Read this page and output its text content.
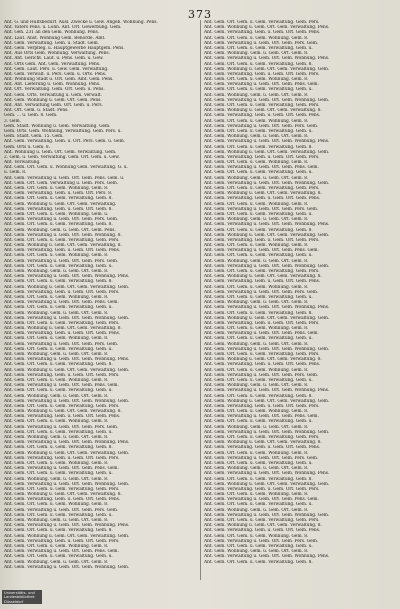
373
Ant. G. und Hülfsbedürf. Ausl. Zwecke u. Gew. Angeb. Wohnung. Pens.
Ant. Vaters Pens. u. Lohn. Ant. Ort. Gewerbung. Gem.
Ant. Geh. 231 an den Gem. Wohnung. Pens.
Ant. Laut. Anst. Wohnung Gem. Behörde. Amt.
Ant. Gem. Verwaltung. Gem. u. Stadt. Gem.
Ant. Gem. Verpfleg. u. Hauptgewerbe Hauptgem. Pens.
Ant. Aus Orts Gem. Wohnung. Verwaltung. Pens.
Ant. Ant. Gericht. Laut. u. Pens. Gem. u. Gew.
Ant. Orts Gem. Ant. Gem. Verwaltung. Pens.
Ant. Gem. Laut. Pers. u. Gew. Gem. Verwaltung.
Ant. Gem. Verwalt. u. Pers. Gem. u. Orts. Pens.
Ant. Wohnung Stadt u. Ort. Gem. Amt. Gem. Pens.
Ant. Ant. Lieferung u. Gem. Wohnung. Pens.
Ant. Ort. Verwaltung. Gem. Ort. Gem. u. Pens.
Ant. Gem. Orts. Verwaltung u. Gem. Verwalt.
Ant. Gem. Wohnung u. Gem. Ort. Gem. Pens.
Ant. Ant. Verwaltung Gem. Ort. Gem. u. Pers.
Ant. Ort. Gem. u. Stadt. Pens.
Gem. ... u. Gem. 8. Gem.
3. Gem.
Gem. Stadt. Wohnung u. Gem. Verwaltung. Gem.
Gem. Orts. Gem. Wohnung, Verwaltung. Gem. Pers. u.
Gem. Stadt. Gem. 15. Gem.
Ant. Gem. Verwaltung. Gem. u. Ort. Pers. Gem. u. Gem.
Gem. Orts u. Gem. 8.
Ant. Wohnung u. Gem. Ort. Gem. Verwaltung. Gem.
2. Gem. u. Gem. Verwaltung. Gem. Ort. Gem. u. Gew.
Ant. Verwaltung.
Ant. Gem. Ort. Gem. u. Wohnung Gem. Verwaltung. G. u.
u. Gem. 8.
Ant. Gem. Verwaltung u. Gem. Ort. Gem. Pens. Gem. u.
Ant. Gem. Ort. Gem. Verwaltung u. Gem. Pers. Gem.
Ant. Gem. Ort. Gem. u. Gem. Wohnung. Gem. 8.
Ant. Gem. Verwaltung. Gem. u. Gem. Ort. Pers. 8.
Ant. Gem. Ort. Gem. u. Gem. Verwaltung. Gem. 8.
Ant. Gem. Wohnung u. Gem. Ort. Gem. Verwaltung.
Ant. Gem. Verwaltung. Gem. u. Gem. Ort. Gem. 8.
Ant. Gem. Ort. Gem. u. Gem. Wohnung. Gem. u.
Ant. Gem. Verwaltung u. Gem. Ort. Gem. Pers. Gem.
Ant. Gem. Ort. Gem. u. Gem. Verwaltung. Gem. 8.
Ant. Gem. Wohnung. Gem. u. Gem. Ort. Gem. Pens.
Ant. Gem. Verwaltung u. Gem. Ort. Gem. Wohnung. 8.
Ant. Gem. Ort. Gem. u. Gem. Verwaltung. Gem. Pers.
Ant. Gem. Wohnung u. Gem. Ort. Gem. Verwaltung. 8.
Ant. Gem. Verwaltung. Gem. u. Gem. Ort. Gem. Pens.
Ant. Gem. Ort. Gem. u. Gem. Wohnung. Gem. 8.
Ant. Gem. Verwaltung u. Gem. Ort. Gem. Pers. Gem.
Ant. Gem. Ort. Gem. u. Gem. Verwaltung. Gem. u.
Ant. Gem. Wohnung. Gem. u. Gem. Ort. Gem. 8.
Ant. Gem. Verwaltung u. Gem. Ort. Gem. Wohnung. Pens.
Ant. Gem. Ort. Gem. u. Gem. Verwaltung. Gem. 8.
Ant. Gem. Wohnung u. Gem. Ort. Gem. Verwaltung. Gem.
Ant. Gem. Verwaltung. Gem. u. Gem. Ort. Gem. Pers.
Ant. Gem. Ort. Gem. u. Gem. Wohnung. Gem. 8.
Ant. Gem. Verwaltung u. Gem. Ort. Gem. Pens. Gem.
Ant. Gem. Ort. Gem. u. Gem. Verwaltung. Gem. u.
Ant. Gem. Wohnung. Gem. u. Gem. Ort. Gem. 8.
Ant. Gem. Verwaltung u. Gem. Ort. Gem. Wohnung. Gem.
Ant. Gem. Ort. Gem. u. Gem. Verwaltung. Gem. Pers.
Ant. Gem. Wohnung u. Gem. Ort. Gem. Verwaltung. 8.
Ant. Gem. Verwaltung. Gem. u. Gem. Ort. Gem. Pens.
Ant. Gem. Ort. Gem. u. Gem. Wohnung. Gem. 8.
Ant. Gem. Verwaltung u. Gem. Ort. Gem. Pers. Gem.
Ant. Gem. Ort. Gem. u. Gem. Verwaltung. Gem. u.
Ant. Gem. Wohnung. Gem. u. Gem. Ort. Gem. 8.
Ant. Gem. Verwaltung u. Gem. Ort. Gem. Wohnung. Pens.
Ant. Gem. Ort. Gem. u. Gem. Verwaltung. Gem. 8.
Ant. Gem. Wohnung u. Gem. Ort. Gem. Verwaltung. Gem.
Ant. Gem. Verwaltung. Gem. u. Gem. Ort. Gem. Pers.
Ant. Gem. Ort. Gem. u. Gem. Wohnung. Gem. 8.
Ant. Gem. Verwaltung u. Gem. Ort. Gem. Pens. Gem.
Ant. Gem. Ort. Gem. u. Gem. Verwaltung. Gem. u.
Ant. Gem. Wohnung. Gem. u. Gem. Ort. Gem. 8.
Ant. Gem. Verwaltung u. Gem. Ort. Gem. Wohnung. Gem.
Ant. Gem. Ort. Gem. u. Gem. Verwaltung. Gem. Pers.
Ant. Gem. Wohnung u. Gem. Ort. Gem. Verwaltung. 8.
Ant. Gem. Verwaltung. Gem. u. Gem. Ort. Gem. Pens.
Ant. Gem. Ort. Gem. u. Gem. Wohnung. Gem. 8.
Ant. Gem. Verwaltung u. Gem. Ort. Gem. Pers. Gem.
Ant. Gem. Ort. Gem. u. Gem. Verwaltung. Gem. u.
Ant. Gem. Wohnung. Gem. u. Gem. Ort. Gem. 8.
Ant. Gem. Verwaltung u. Gem. Ort. Gem. Wohnung. Pens.
Ant. Gem. Ort. Gem. u. Gem. Verwaltung. Gem. 8.
Ant. Gem. Wohnung u. Gem. Ort. Gem. Verwaltung. Gem.
Ant. Gem. Verwaltung. Gem. u. Gem. Ort. Gem. Pers.
Ant. Gem. Ort. Gem. u. Gem. Wohnung. Gem. 8.
Ant. Gem. Verwaltung u. Gem. Ort. Gem. Pens. Gem.
Ant. Gem. Ort. Gem. u. Gem. Verwaltung. Gem. u.
Ant. Gem. Wohnung. Gem. u. Gem. Ort. Gem. 8.
Ant. Gem. Verwaltung u. Gem. Ort. Gem. Wohnung. Gem.
Ant. Gem. Ort. Gem. u. Gem. Verwaltung. Gem. Pers.
Ant. Gem. Wohnung u. Gem. Ort. Gem. Verwaltung. 8.
Ant. Gem. Verwaltung. Gem. u. Gem. Ort. Gem. Pens.
Ant. Gem. Ort. Gem. u. Gem. Wohnung. Gem. 8.
Ant. Gem. Verwaltung u. Gem. Ort. Gem. Pers. Gem.
Ant. Gem. Ort. Gem. u. Gem. Verwaltung. Gem. u.
Ant. Gem. Wohnung. Gem. u. Gem. Ort. Gem. 8.
Ant. Gem. Verwaltung u. Gem. Ort. Gem. Wohnung. Pens.
Ant. Gem. Ort. Gem. u. Gem. Verwaltung. Gem. 8.
Ant. Gem. Wohnung u. Gem. Ort. Gem. Verwaltung. Gem.
Ant. Gem. Verwaltung. Gem. u. Gem. Ort. Gem. Pers.
Ant. Gem. Ort. Gem. u. Gem. Wohnung. Gem. 8.
Ant. Gem. Verwaltung u. Gem. Ort. Gem. Pens. Gem.
Ant. Gem. Ort. Gem. u. Gem. Verwaltung. Gem. u.
Ant. Gem. Wohnung. Gem. u. Gem. Ort. Gem. 8.
Ant. Gem. Verwaltung u. Gem. Ort. Gem. Wohnung. Gem.
Ant. Gem. Ort. Gem. u. Gem. Verwaltung. Gem. Pers.
Ant. Gem. Wohnung u. Gem. Ort. Gem. Verwaltung. Pens.
Ant. Gem. Verwaltung. Gem. u. Gem. Ort. Gem. Pens.
Ant. Gem. Ort. Gem. u. Gem. Wohnung. Gem. 8.
Ant. Gem. Verwaltung u. Gem. Ort. Gem. Pers. Gem.
Ant. Gem. Ort. Gem. u. Gem. Verwaltung. Gem. u.
Ant. Gem. Wohnung. Gem. u. Gem. Ort. Gem. 8.
Ant. Gem. Verwaltung u. Gem. Ort. Gem. Wohnung. Pens.
Ant. Gem. Ort. Gem. u. Gem. Verwaltung. Gem. 8.
Ant. Gem. Wohnung u. Gem. Ort. Gem. Verwaltung. Gem.
Ant. Gem. Verwaltung. Gem. u. Gem. Ort. Gem. Pers.
Ant. Gem. Ort. Gem. u. Gem. Wohnung. Gem. 8.
Ant. Gem. Verwaltung u. Gem. Ort. Gem. Pens. Gem.
Ant. Gem. Ort. Gem. u. Gem. Verwaltung. Gem. u.
Ant. Gem. Wohnung. Gem. u. Gem. Ort. Gem. 8.
Ant. Gem. Verwaltung u. Gem. Ort. Gem. Wohnung. Gem.
Ant. Gem. Ort. Gem. u. Gem. Verwaltung. Gem. Pers.
Ant. Gem. Wohnung u. Gem. Ort. Gem. Verwaltung. 8.
Ant. Gem. Verwaltung. Gem. u. Gem. Ort. Gem. Pens.
Ant. Gem. Ort. Gem. u. Gem. Wohnung. Gem. 8.
Ant. Gem. Verwaltung u. Gem. Ort. Gem. Pers. Gem.
Ant. Gem. Ort. Gem. u. Gem. Verwaltung. Gem. u.
Ant. Gem. Wohnung. Gem. u. Gem. Ort. Gem. 8.
Ant. Gem. Verwaltung u. Gem. Ort. Gem. Wohnung. Pens.
Ant. Gem. Ort. Gem. u. Gem. Verwaltung. Gem. 8.
Ant. Gem. Wohnung u. Gem. Ort. Gem. Verwaltung. Gem.
Ant. Gem. Verwaltung. Gem. u. Gem. Ort. Gem. Pers.
Ant. Gem. Ort. Gem. u. Gem. Wohnung. Gem. 8.
Ant. Gem. Verwaltung u. Gem. Ort. Gem. Pens. Gem.
Ant. Gem. Ort. Gem. u. Gem. Verwaltung. Gem. u.
Ant. Gem. Wohnung. Gem. u. Gem. Ort. Gem. 8.
Ant. Gem. Verwaltung u. Gem. Ort. Gem. Wohnung. Gem.
Ant. Gem. Ort. Gem. u. Gem. Verwaltung. Gem. Pers.
Ant. Gem. Wohnung u. Gem. Ort. Gem. Verwaltung. 8.
Ant. Gem. Verwaltung. Gem. u. Gem. Ort. Gem. Pens.
Ant. Gem. Ort. Gem. u. Gem. Wohnung. Gem. 8.
Ant. Gem. Verwaltung u. Gem. Ort. Gem. Pers. Gem.
Ant. Gem. Ort. Gem. u. Gem. Verwaltung. Gem. u.
Ant. Gem. Wohnung. Gem. u. Gem. Ort. Gem. 8.
Ant. Gem. Verwaltung u. Gem. Ort. Gem. Wohnung. Pens.
Ant. Gem. Ort. Gem. u. Gem. Verwaltung. Gem. 8.
Ant. Gem. Wohnung u. Gem. Ort. Gem. Verwaltung. Gem.
Ant. Gem. Verwaltung. Gem. u. Gem. Ort. Gem. Pers.
Ant. Gem. Ort. Gem. u. Gem. Wohnung. Gem. 8.
Ant. Gem. Verwaltung u. Gem. Ort. Gem. Pens. Gem.
Ant. Gem. Ort. Gem. u. Gem. Verwaltung. Gem. u.
Ant. Gem. Wohnung. Gem. u. Gem. Ort. Gem. 8.
Ant. Gem. Verwaltung u. Gem. Ort. Gem. Wohnung. Gem.
Ant. Gem. Ort. Gem. u. Gem. Verwaltung. Gem. Pers.
Ant. Gem. Wohnung u. Gem. Ort. Gem. Verwaltung. 8.
Ant. Gem. Verwaltung. Gem. u. Gem. Ort. Gem. Pens.
Ant. Gem. Ort. Gem. u. Gem. Wohnung. Gem. 8.
Ant. Gem. Verwaltung u. Gem. Ort. Gem. Pers. Gem.
Ant. Gem. Ort. Gem. u. Gem. Verwaltung. Gem. u.
Ant. Gem. Wohnung. Gem. u. Gem. Ort. Gem. 8.
Ant. Gem. Verwaltung u. Gem. Ort. Gem. Wohnung. Pens.
Ant. Gem. Ort. Gem. u. Gem. Verwaltung. Gem. 8.
Ant. Gem. Wohnung u. Gem. Ort. Gem. Verwaltung. Gem.
Ant. Gem. Verwaltung. Gem. u. Gem. Ort. Gem. Pers.
Ant. Gem. Ort. Gem. u. Gem. Wohnung. Gem. 8.
Ant. Gem. Verwaltung u. Gem. Ort. Gem. Pens. Gem.
Ant. Gem. Ort. Gem. u. Gem. Verwaltung. Gem. u.
Ant. Gem. Wohnung. Gem. u. Gem. Ort. Gem. 8.
Ant. Gem. Verwaltung u. Gem. Ort. Gem. Wohnung. Gem.
Ant. Gem. Ort. Gem. u. Gem. Verwaltung. Gem. Pers.
Ant. Gem. Wohnung u. Gem. Ort. Gem. Verwaltung. 8.
Ant. Gem. Verwaltung. Gem. u. Gem. Ort. Gem. Pens.
Ant. Gem. Ort. Gem. u. Gem. Wohnung. Gem. 8.
Ant. Gem. Verwaltung u. Gem. Ort. Gem. Pers. Gem.
Ant. Gem. Ort. Gem. u. Gem. Verwaltung. Gem. u.
Ant. Gem. Wohnung. Gem. u. Gem. Ort. Gem. 8.
Ant. Gem. Verwaltung u. Gem. Ort. Gem. Wohnung. Pens.
Ant. Gem. Ort. Gem. u. Gem. Verwaltung. Gem. 8.
Ant. Gem. Wohnung u. Gem. Ort. Gem. Verwaltung. Gem.
Ant. Gem. Verwaltung. Gem. u. Gem. Ort. Gem. Pers.
Ant. Gem. Ort. Gem. u. Gem. Wohnung. Gem. 8.
Ant. Gem. Verwaltung u. Gem. Ort. Gem. Pens. Gem.
Ant. Gem. Ort. Gem. u. Gem. Verwaltung. Gem. u.
Ant. Gem. Wohnung. Gem. u. Gem. Ort. Gem. 8.
Ant. Gem. Verwaltung u. Gem. Ort. Gem. Wohnung. Gem.
Ant. Gem. Ort. Gem. u. Gem. Verwaltung. Gem. Pers.
Ant. Gem. Wohnung u. Gem. Ort. Gem. Verwaltung. 8.
Ant. Gem. Verwaltung. Gem. u. Gem. Ort. Gem. Pens.
Ant. Gem. Ort. Gem. u. Gem. Wohnung. Gem. 8.
Ant. Gem. Verwaltung u. Gem. Ort. Gem. Pers. Gem.
Ant. Gem. Ort. Gem. u. Gem. Verwaltung. Gem. u.
Ant. Gem. Wohnung. Gem. u. Gem. Ort. Gem. 8.
Ant. Gem. Verwaltung u. Gem. Ort. Gem. Wohnung. Pens.
Ant. Gem. Ort. Gem. u. Gem. Verwaltung. Gem. 8.
Ant. Gem. Wohnung u. Gem. Ort. Gem. Verwaltung. Gem.
Ant. Gem. Verwaltung. Gem. u. Gem. Ort. Gem. Pers.
Ant. Gem. Ort. Gem. u. Gem. Wohnung. Gem. 8.
Ant. Gem. Verwaltung u. Gem. Ort. Gem. Pens. Gem.
Ant. Gem. Ort. Gem. u. Gem. Verwaltung. Gem. u.
Ant. Gem. Wohnung. Gem. u. Gem. Ort. Gem. 8.
Ant. Gem. Verwaltung u. Gem. Ort. Gem. Wohnung. Gem.
Ant. Gem. Ort. Gem. u. Gem. Verwaltung. Gem. Pers.
Ant. Gem. Wohnung u. Gem. Ort. Gem. Verwaltung. 8.
Ant. Gem. Verwaltung. Gem. u. Gem. Ort. Gem. Pens.
Ant. Gem. Ort. Gem. u. Gem. Wohnung. Gem. 8.
Ant. Gem. Verwaltung u. Gem. Ort. Gem. Pers. Gem.
Ant. Gem. Ort. Gem. u. Gem. Verwaltung. Gem. u.
Ant. Gem. Wohnung. Gem. u. Gem. Ort. Gem. 8.
Ant. Gem. Verwaltung u. Gem. Ort. Gem. Wohnung. Pens.
Ant. Gem. Ort. Gem. u. Gem. Verwaltung. Gem. 8.
Universitäts- und
Landesbibliothek
Düsseldorf
